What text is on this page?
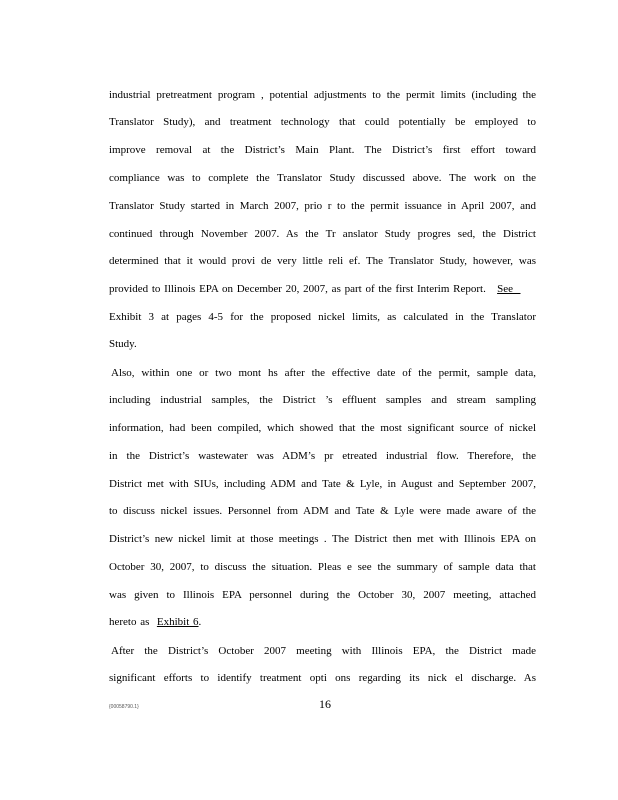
industrial pretreatment program , potential adjustments to the permit limits (including the
Translator Study), and treatment technology that could potentially be employed to
improve removal at the District’s Main Plant. The District’s first effort toward
compliance was to complete the Translator Study discussed above. The work on the
Translator Study started in March 2007, prio r to the permit issuance in April 2007, and
continued through November 2007. As the Tr anslator Study progres sed, the District
determined that it would provi de very little reli ef. The Translator Study, however, was
provided to Illinois EPA on December 20, 2007, as part of the first Interim Report. See
Exhibit 3 at pages 4-5 for the proposed nickel limits, as calculated in the Translator
Study.
Also, within one or two mont hs after the effective date of the permit, sample data,
including industrial samples, the District ’s effluent samples and stream sampling
information, had been compiled, which showed that the most significant source of nickel
in the District’s wastewater was ADM’s pr etreated industrial flow. Therefore, the
District met with SIUs, including ADM and Tate & Lyle, in August and September 2007,
to discuss nickel issues. Personnel from ADM and Tate & Lyle were made aware of the
District’s new nickel limit at those meetings . The District then met with Illinois EPA on
October 30, 2007, to discuss the situation. Pleas e see the summary of sample data that
was given to Illinois EPA personnel during the October 30, 2007 meeting, attached
hereto as Exhibit 6.
After the District’s October 2007 meeting with Illinois EPA, the District made
significant efforts to identify treatment opti ons regarding its nick el discharge. As
{00058790.1}	16
